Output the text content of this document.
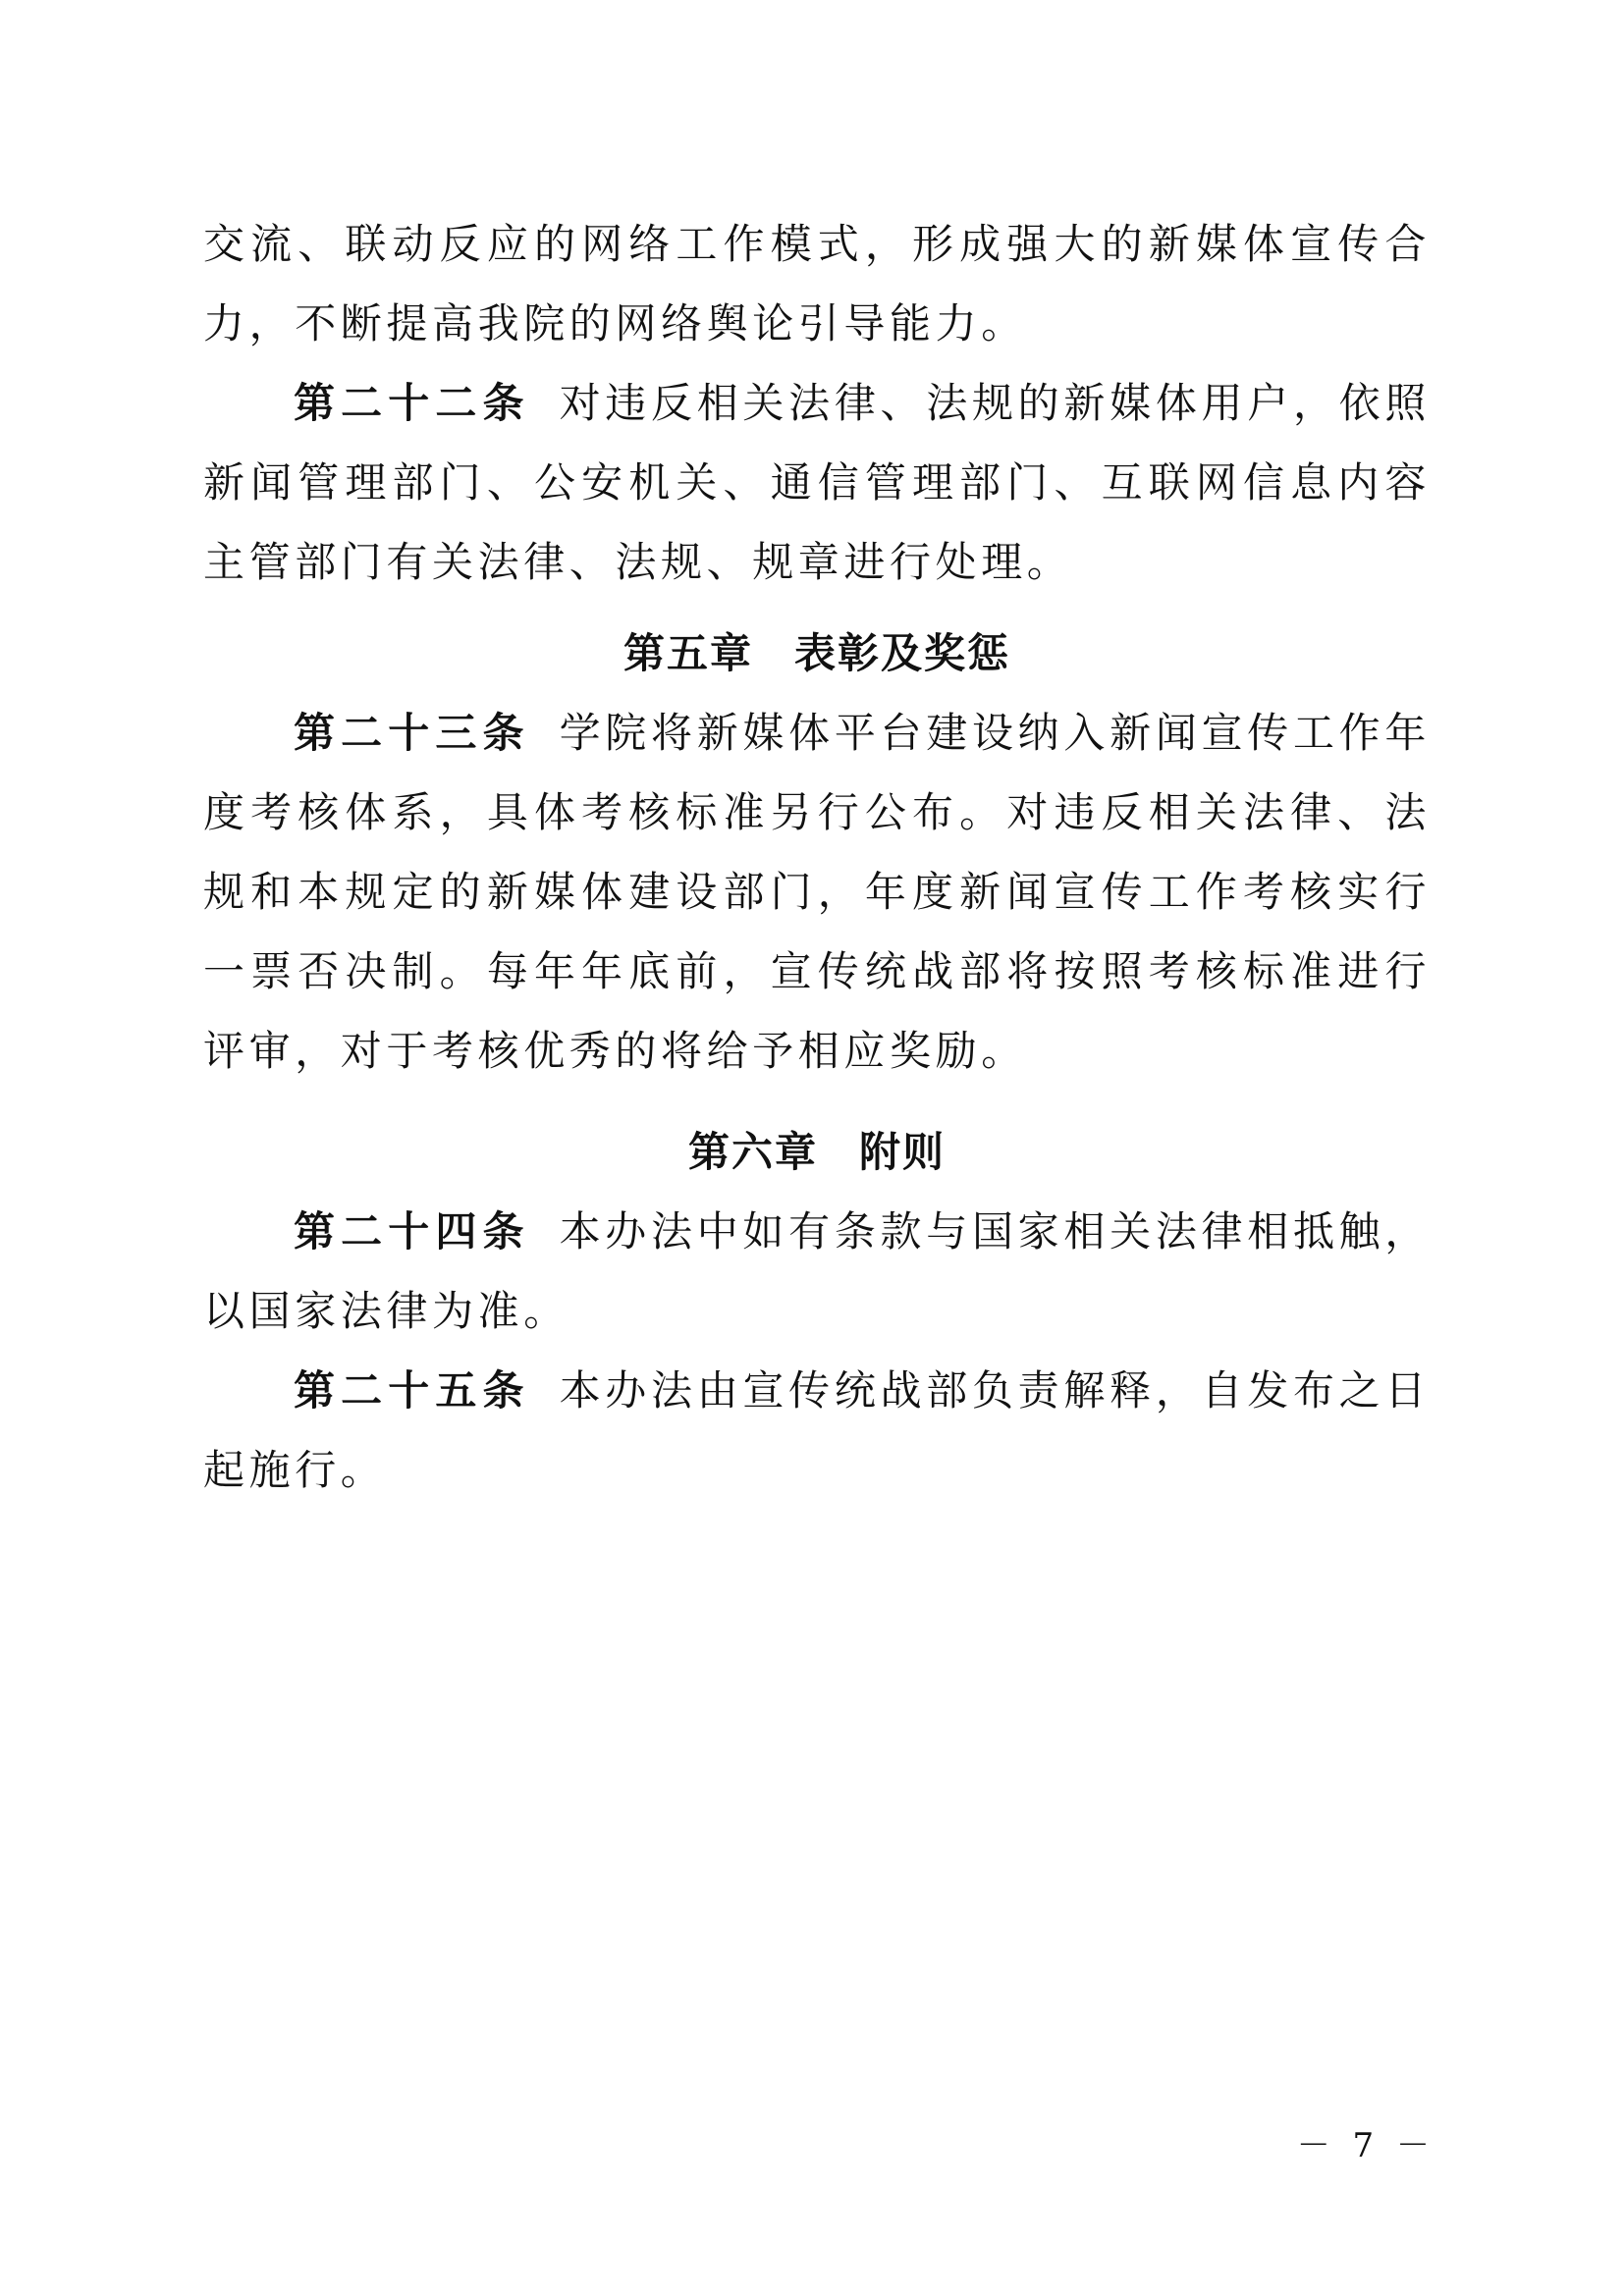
交流、联动反应的网络工作模式，形成强大的新媒体宣传合力，不断提高我院的网络舆论引导能力。

第二十二条 对违反相关法律、法规的新媒体用户，依照新闻管理部门、公安机关、通信管理部门、互联网信息内容主管部门有关法律、法规、规章进行处理。

第五章 表彰及奖惩

第二十三条 学院将新媒体平台建设纳入新闻宣传工作年度考核体系，具体考核标准另行公布。对违反相关法律、法规和本规定的新媒体建设部门，年度新闻宣传工作考核实行一票否决制。每年年底前，宣传统战部将按照考核标准进行评审，对于考核优秀的将给予相应奖励。

第六章 附则

第二十四条 本办法中如有条款与国家相关法律相抵触，以国家法律为准。

第二十五条 本办法由宣传统战部负责解释，自发布之日起施行。

－ 7 －
